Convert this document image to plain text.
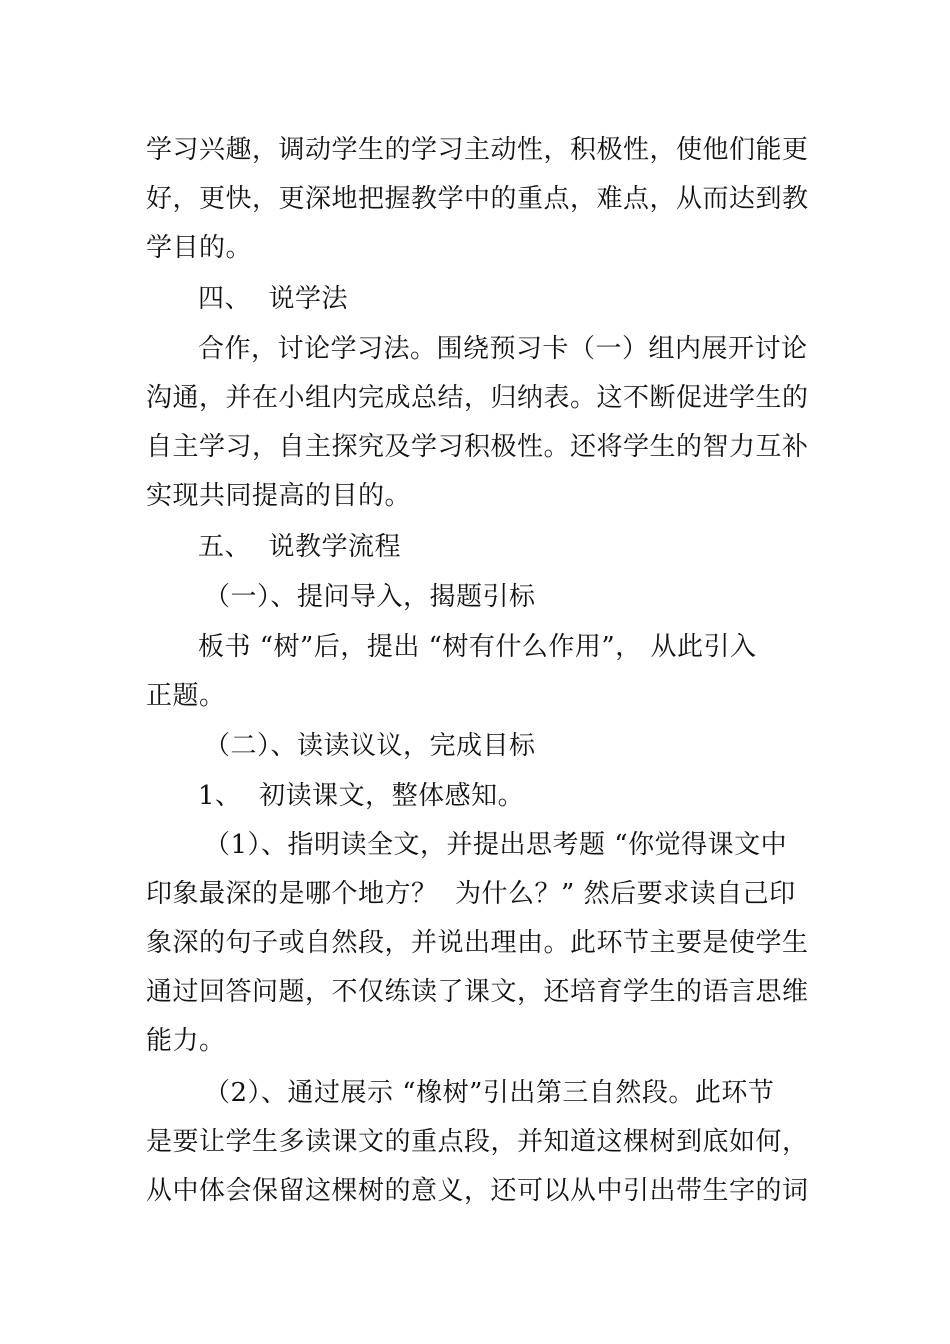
学习兴趣，调动学生的学习主动性，积极性，使他们能更
好，更快，更深地把握教学中的重点，难点，从而达到教
学目的。
四、  说学法
合作，讨论学习法。围绕预习卡（一）组内展开讨论
沟通，并在小组内完成总结，归纳表。这不断促进学生的
自主学习，自主探究及学习积极性。还将学生的智力互补
实现共同提高的目的。
五、  说教学流程
（一）、提问导入，揭题引标
板书 “树”后，提出 “树有什么作用”， 从此引入
正题。
（二）、读读议议，完成目标
1、  初读课文，整体感知。
（1）、指明读全文，并提出思考题 “你觉得课文中
印象最深的是哪个地方？  为什么？” 然后要求读自己印
象深的句子或自然段，并说出理由。此环节主要是使学生
通过回答问题，不仅练读了课文，还培育学生的语言思维
能力。
（2）、通过展示 “橡树”引出第三自然段。此环节
是要让学生多读课文的重点段，并知道这棵树到底如何，
从中体会保留这棵树的意义，还可以从中引出带生字的词
